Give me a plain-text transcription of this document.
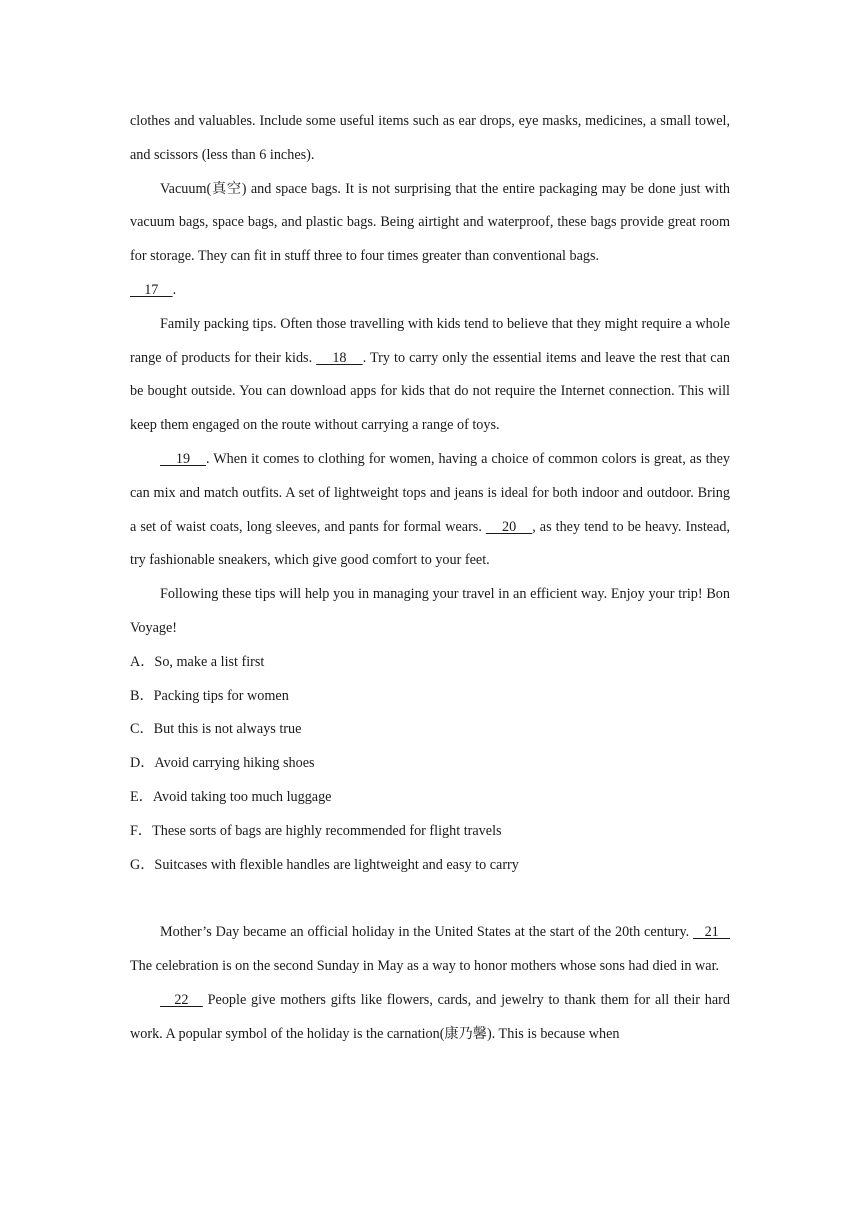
clothes and valuables. Include some useful items such as ear drops, eye masks, medicines, a small towel, and scissors (less than 6 inches).

Vacuum(真空) and space bags. It is not surprising that the entire packaging may be done just with vacuum bags, space bags, and plastic bags. Being airtight and waterproof, these bags provide great room for storage. They can fit in stuff three to four times greater than conventional bags.

17    .

Family packing tips. Often those travelling with kids tend to believe that they might require a whole range of products for their kids.     18    . Try to carry only the essential items and leave the rest that can be bought outside. You can download apps for kids that do not require the Internet connection. This will keep them engaged on the route without carrying a range of toys.

19    . When it comes to clothing for women, having a choice of common colors is great, as they can mix and match outfits. A set of lightweight tops and jeans is ideal for both indoor and outdoor. Bring a set of waist coats, long sleeves, and pants for formal wears.     20    , as they tend to be heavy. Instead, try fashionable sneakers, which give good comfort to your feet.

Following these tips will help you in managing your travel in an efficient way. Enjoy your trip! Bon Voyage!

A．So, make a list first

B．Packing tips for women

C．But this is not always true

D．Avoid carrying hiking shoes

E．Avoid taking too much luggage

F．These sorts of bags are highly recommended for flight travels

G．Suitcases with flexible handles are lightweight and easy to carry

Mother’s Day became an official holiday in the United States at the start of the 20th century.    21    The celebration is on the second Sunday in May as a way to honor mothers whose sons had died in war.

22    People give mothers gifts like flowers, cards, and jewelry to thank them for all their hard work. A popular symbol of the holiday is the carnation(康乃馨). This is because when
